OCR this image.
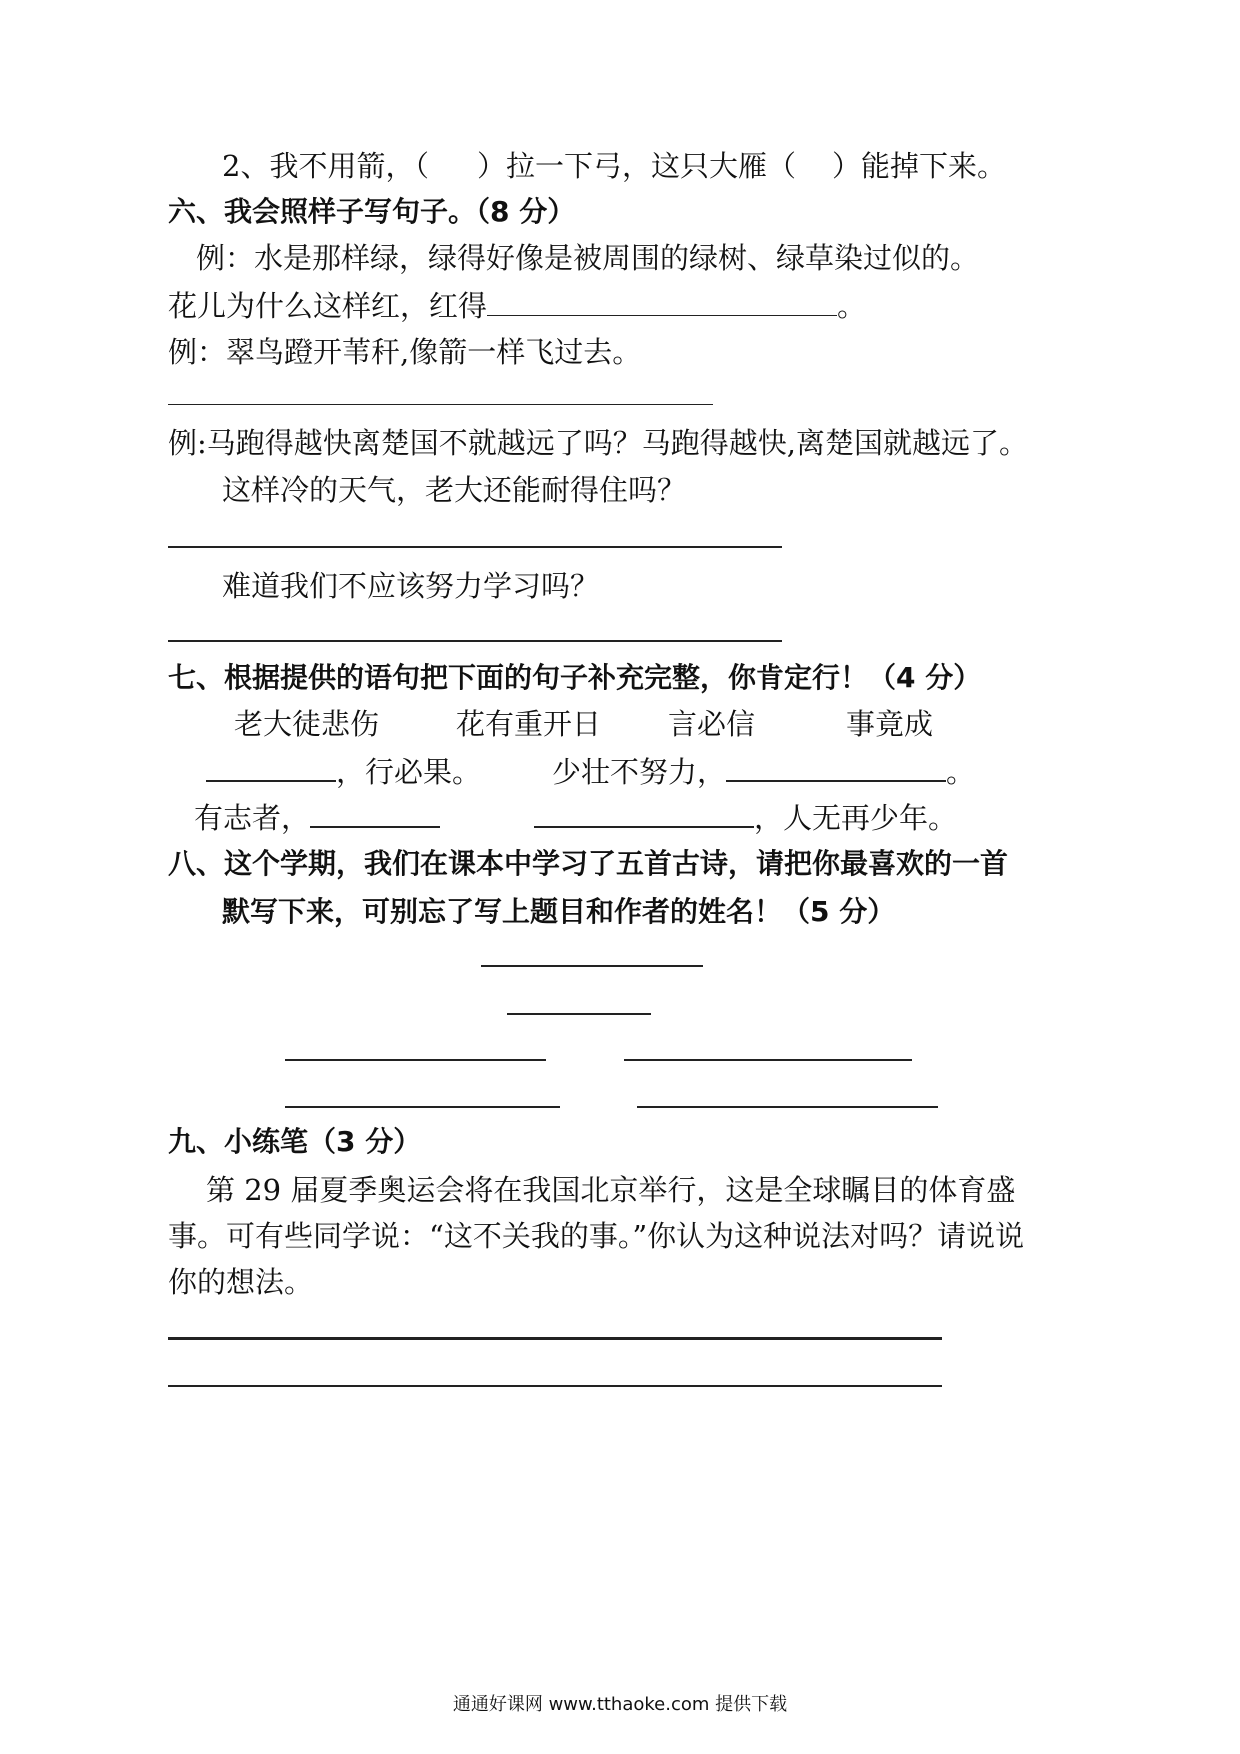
2、我不用箭，（ ）拉一下弓，这只大雁（ ）能掉下来。
六、我会照样子写句子。（8 分）
例：水是那样绿，绿得好像是被周围的绿树、绿草染过似的。
花儿为什么这样红，红得	。
例：翠鸟蹬开苇秆,像箭一样飞过去。
例:马跑得越快离楚国不就越远了吗？马跑得越快,离楚国就越远了。
这样冷的天气，老大还能耐得住吗？
难道我们不应该努力学习吗？
七、根据提供的语句把下面的句子补充完整，你肯定行！（4 分）
老大徒悲伤	花有重开日 言必信	事竟成
，行必果。 少壮不努力，	。
有志者，	，人无再少年。
八、这个学期，我们在课本中学习了五首古诗，请把你最喜欢的一首
默写下来，可别忘了写上题目和作者的姓名！（5 分）
九、小练笔（3 分）
第 29 届夏季奥运会将在我国北京举行，这是全球瞩目的体育盛
事。可有些同学说：“这不关我的事。”你认为这种说法对吗？请说说
你的想法。
通通好课网 www.tthaoke.com 提供下载
